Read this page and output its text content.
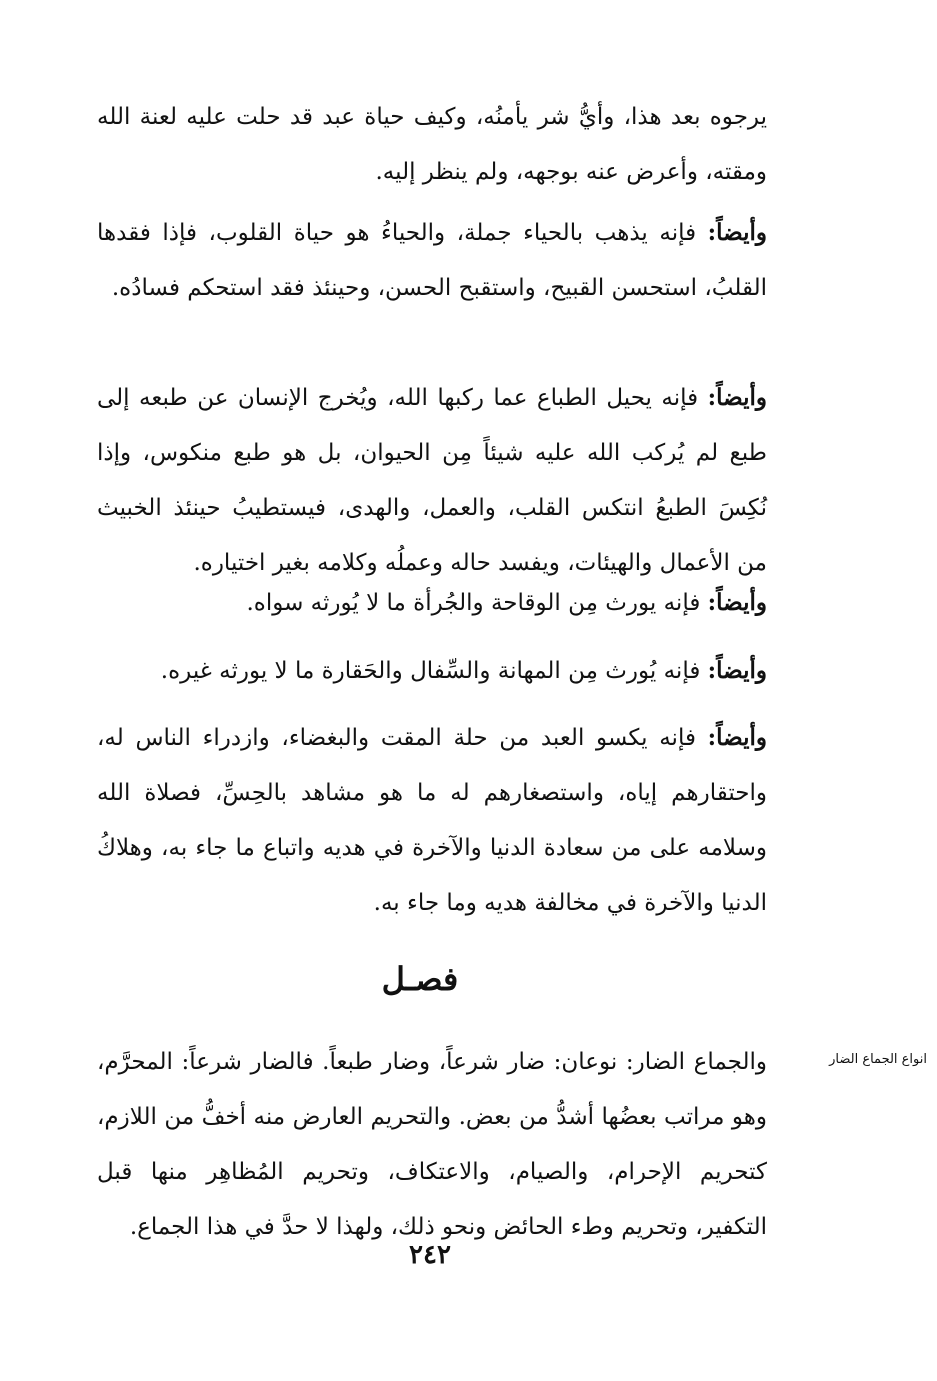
يرجوه بعد هذا، وأيُّ شر يأمنُه، وكيف حياة عبد قد حلت عليه لعنة الله ومقته، وأعرض عنه بوجهه، ولم ينظر إليه.

وأيضاً: فإنه يذهب بالحياء جملة، والحياءُ هو حياة القلوب، فإذا فقدها القلبُ، استحسن القبيح، واستقبح الحسن، وحينئذ فقد استحكم فسادُه.

وأيضاً: فإنه يحيل الطباع عما ركبها الله، ويُخرج الإنسان عن طبعه إلى طبع لم يُركب الله عليه شيئاً مِن الحيوان، بل هو طبع منكوس، وإذا نُكِسَ الطبعُ انتكس القلب، والعمل، والهدى، فيستطيبُ حينئذ الخبيث من الأعمال والهيئات، ويفسد حاله وعملُه وكلامه بغير اختياره.

وأيضاً: فإنه يورث مِن الوقاحة والجُرأة ما لا يُورثه سواه.

وأيضاً: فإنه يُورث مِن المهانة والسِّفال والحَقارة ما لا يورثه غيره.

وأيضاً: فإنه يكسو العبد من حلة المقت والبغضاء، وازدراء الناس له، واحتقارهم إياه، واستصغارهم له ما هو مشاهد بالحِسِّ، فصلاة الله وسلامه على من سعادة الدنيا والآخرة في هديه واتباع ما جاء به، وهلاكُ الدنيا والآخرة في مخالفة هديه وما جاء به.

فصـل
انواع الجماع الضار

والجماع الضار: نوعان: ضار شرعاً، وضار طبعاً. فالضار شرعاً: المحرَّم، وهو مراتب بعضُها أشدُّ من بعض. والتحريم العارض منه أخفُّ من اللازم، كتحريم الإحرام، والصيام، والاعتكاف، وتحريم المُظاهِر منها قبل التكفير، وتحريم وطء الحائض ونحو ذلك، ولهذا لا حدَّ في هذا الجماع.

٢٤٢
